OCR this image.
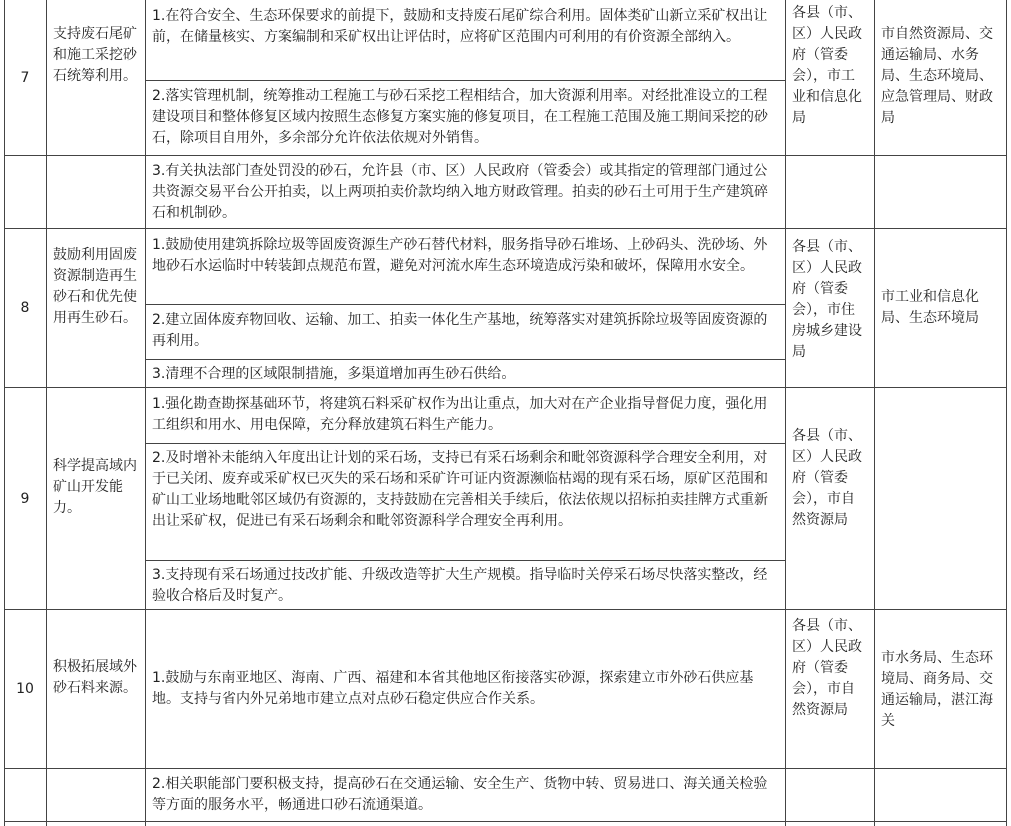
7
支持废石尾矿和施工采挖砂石统筹利用。
1.在符合安全、生态环保要求的前提下，鼓励和支持废石尾矿综合利用。固体类矿山新立采矿权出让前，在储量核实、方案编制和采矿权出让评估时，应将矿区范围内可利用的有价资源全部纳入。
2.落实管理机制，统筹推动工程施工与砂石采挖工程相结合，加大资源利用率。对经批准设立的工程建设项目和整体修复区域内按照生态修复方案实施的修复项目，在工程施工范围及施工期间采挖的砂石，除项目自用外，多余部分允许依法依规对外销售。
各县（市、区）人民政府（管委会），市工业和信息化局
市自然资源局、交通运输局、水务局、生态环境局、应急管理局、财政局
3.有关执法部门查处罚没的砂石，允许县（市、区）人民政府（管委会）或其指定的管理部门通过公共资源交易平台公开拍卖，以上两项拍卖价款均纳入地方财政管理。拍卖的砂石土可用于生产建筑碎石和机制砂。
8
鼓励利用固废资源制造再生砂石和优先使用再生砂石。
1.鼓励使用建筑拆除垃圾等固废资源生产砂石替代材料，服务指导砂石堆场、上砂码头、洗砂场、外地砂石水运临时中转装卸点规范布置，避免对河流水库生态环境造成污染和破坏，保障用水安全。
2.建立固体废弃物回收、运输、加工、拍卖一体化生产基地，统筹落实对建筑拆除垃圾等固废资源的再利用。
3.清理不合理的区域限制措施，多渠道增加再生砂石供给。
各县（市、区）人民政府（管委会），市住房城乡建设局
市工业和信息化局、生态环境局
9
科学提高域内矿山开发能力。
1.强化勘查勘探基础环节，将建筑石料采矿权作为出让重点，加大对在产企业指导督促力度，强化用工组织和用水、用电保障，充分释放建筑石料生产能力。
2.及时增补未能纳入年度出让计划的采石场，支持已有采石场剩余和毗邻资源科学合理安全利用，对于已关闭、废弃或采矿权已灭失的采石场和采矿许可证内资源濒临枯竭的现有采石场，原矿区范围和矿山工业场地毗邻区域仍有资源的，支持鼓励在完善相关手续后，依法依规以招标拍卖挂牌方式重新出让采矿权，促进已有采石场剩余和毗邻资源科学合理安全再利用。
3.支持现有采石场通过技改扩能、升级改造等扩大生产规模。指导临时关停采石场尽快落实整改，经验收合格后及时复产。
各县（市、区）人民政府（管委会），市自然资源局
10
积极拓展域外砂石料来源。
1.鼓励与东南亚地区、海南、广西、福建和本省其他地区衔接落实砂源，探索建立市外砂石供应基地。支持与省内外兄弟地市建立点对点砂石稳定供应合作关系。
各县（市、区）人民政府（管委会），市自然资源局
市水务局、生态环境局、商务局、交通运输局，湛江海关
2.相关职能部门要积极支持，提高砂石在交通运输、安全生产、货物中转、贸易进口、海关通关检验等方面的服务水平，畅通进口砂石流通渠道。
